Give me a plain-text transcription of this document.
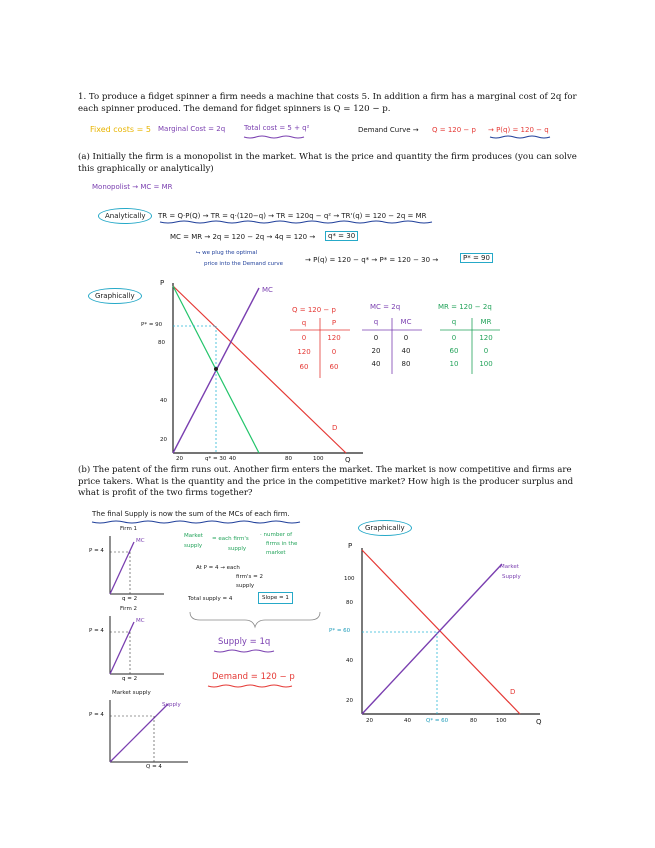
1. To produce a fidget spinner a firm needs a machine that costs 5. In addition a firm has a marginal cost of 2q for
each spinner produced. The demand for fidget spinners is Q = 120 − p.
Fixed costs = 5 Marginal Cost = 2q	Total cost = 5 + q²	Demand Curve → Q = 120 − p → P(q) = 120 − q
(a) Initially the firm is a monopolist in the market. What is the price and quantity the firm produces (you can solve
this graphically or analytically)
Monopolist → MC = MR
Analytically	TR = Q·P(Q) → TR = q·(120−q) → TR = 120q − q² → TR'(q) = 120 − 2q = MR
MC = MR → 2q = 120 − 2q → 4q = 120 →	q* = 30
⮡ we plug the optimal
price into the Demand curve	→ P(q) = 120 − q* → P* = 120 − 30 →	P* = 90
Graphically
P
MC
D
P* = 90
q* = 30
80
40
20
20	40	80	100	Q
Q = 120 − p
q	P
0	120
120	0
60	60
MC = 2q
q	MC
0	0
20	40
40	80
MR = 120 − 2q
q	MR
0	120
60	0
10	100
(b) The patent of the firm runs out. Another firm enters the market. The market is now competitive and firms are
price takers. What is the quantity and the price in the competitive market? How high is the producer surplus and
what is profit of the two firms together?
The final Supply is now the sum of the MCs of each firm.
Firm 1
MC
P = 4
q = 2
Firm 2
MC
P = 4
q = 2
Market supply
Supply
P = 4
Q = 4
Market
supply
= each firm's
supply
· number of
firms in the
market
At P = 4 → each
firm's = 2
supply
Total supply = 4	Slope = 1
Supply = 1q
Demand = 120 − p
Graphically
P
Market
Supply
D
P* = 60
Q* = 60
100
80
40
20
20	40	80	100	Q
